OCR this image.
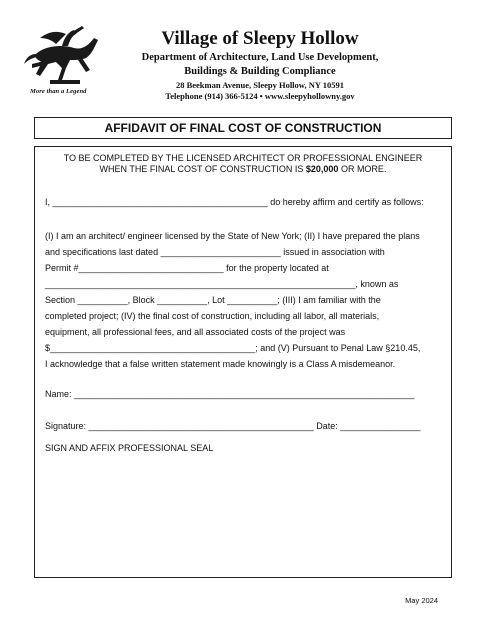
More than a Legend
Village of Sleepy Hollow
Department of Architecture, Land Use Development,
Buildings & Building Compliance
28 Beekman Avenue, Sleepy Hollow, NY 10591
Telephone (914) 366-5124 • www.sleepyhollowny.gov
AFFIDAVIT OF FINAL COST OF CONSTRUCTION
TO BE COMPLETED BY THE LICENSED ARCHITECT OR PROFESSIONAL ENGINEER
WHEN THE FINAL COST OF CONSTRUCTION IS $20,000 OR MORE.
I, ___________________________________________ do hereby affirm and certify as follows:
(I) I am an architect/ engineer licensed by the State of New York; (II) I have prepared the plans
and specifications last dated ________________________ issued in association with
Permit #_____________________________ for the property located at
______________________________________________________________, known as
Section __________, Block __________, Lot __________; (III) I am familiar with the
completed project; (IV) the final cost of construction, including all labor, all materials,
equipment, all professional fees, and all associated costs of the project was
$_________________________________________; and (V) Pursuant to Penal Law §210.45,
I acknowledge that a false written statement made knowingly is a Class A misdemeanor.
Name: ____________________________________________________________________
Signature: _____________________________________________ Date: ________________
SIGN AND AFFIX PROFESSIONAL SEAL
May 2024
